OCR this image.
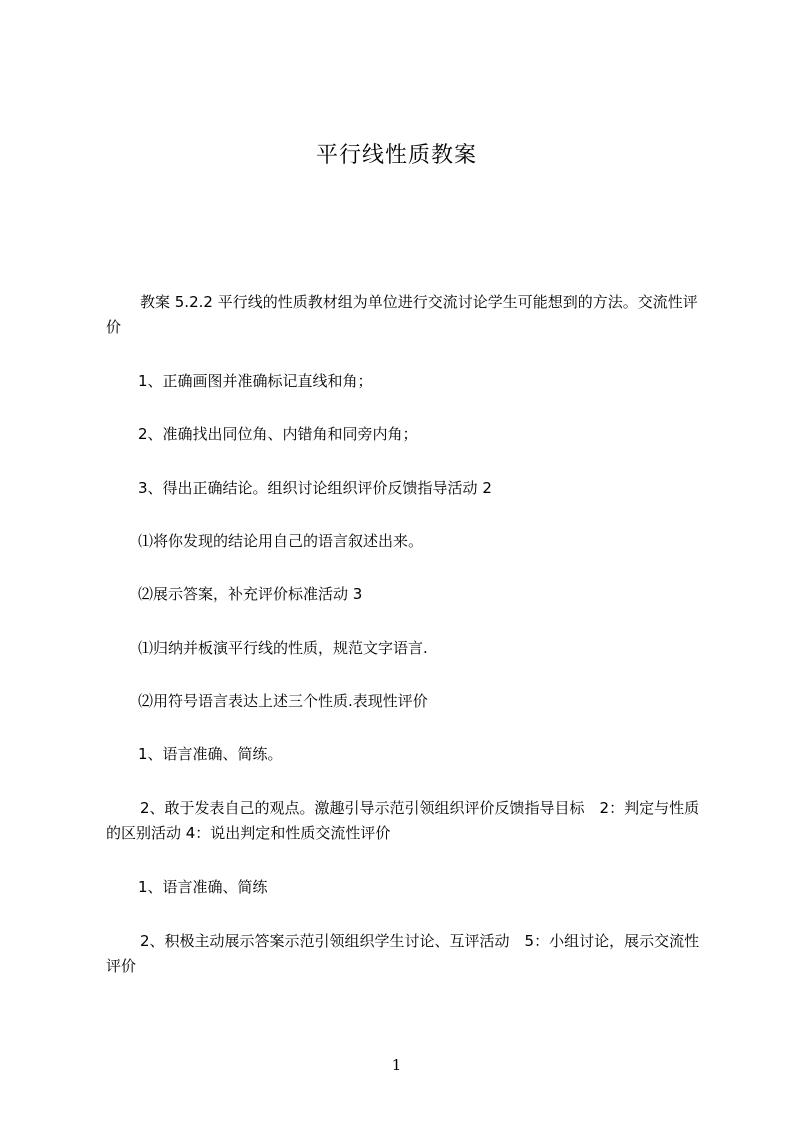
平行线性质教案

教案 5.2.2 平行线的性质教材组为单位进行交流讨论学生可能想到的方法。交流性评价

1、正确画图并准确标记直线和角；

2、准确找出同位角、内错角和同旁内角；

3、得出正确结论。组织讨论组织评价反馈指导活动 2

⑴将你发现的结论用自己的语言叙述出来。

⑵展示答案，补充评价标准活动 3

⑴归纳并板演平行线的性质，规范文字语言.

⑵用符号语言表达上述三个性质.表现性评价

1、语言准确、简练。

2、敢于发表自己的观点。激趣引导示范引领组织评价反馈指导目标　2：判定与性质的区别活动 4：说出判定和性质交流性评价

1、语言准确、简练

2、积极主动展示答案示范引领组织学生讨论、互评活动　5：小组讨论，展示交流性评价

1
